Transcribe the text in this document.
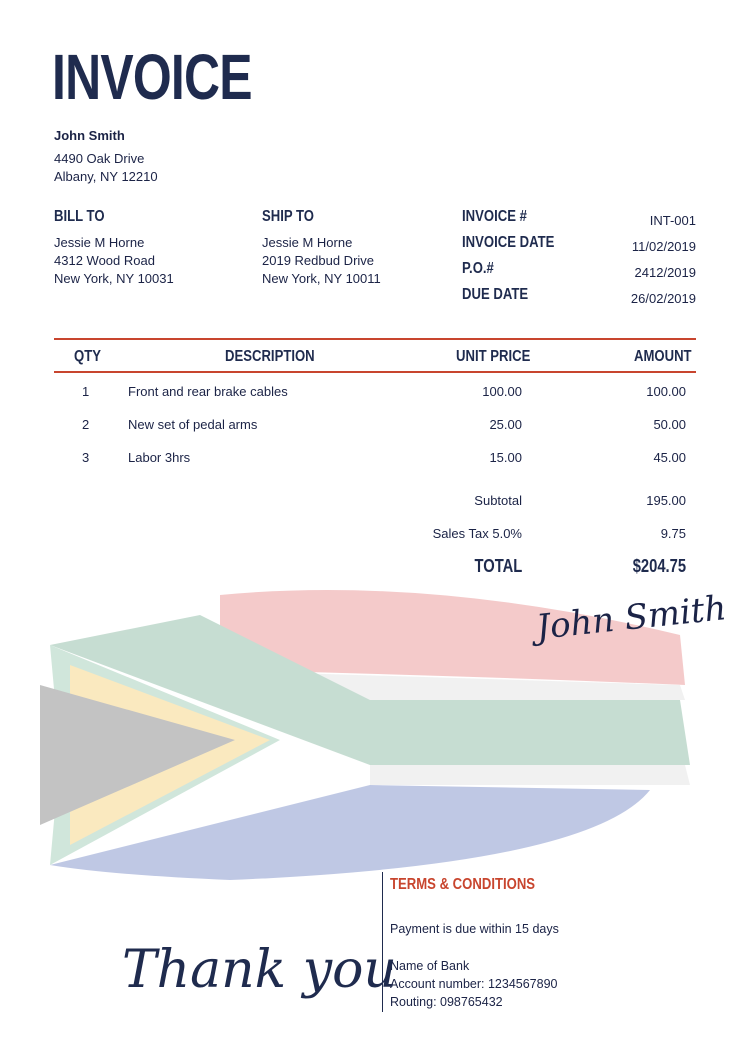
INVOICE
John Smith
4490 Oak Drive
Albany, NY 12210
BILL TO
Jessie M Horne
4312 Wood Road
New York, NY 10031
SHIP TO
Jessie M Horne
2019 Redbud Drive
New York, NY 10011
INVOICE #	INT-001
INVOICE DATE	11/02/2019
P.O.#	2412/2019
DUE DATE	26/02/2019
QTY	DESCRIPTION	UNIT PRICE	AMOUNT
1	Front and rear brake cables	100.00	100.00
2	New set of pedal arms	25.00	50.00
3	Labor 3hrs	15.00	45.00
Subtotal	195.00
Sales Tax 5.0%	9.75
TOTAL	$204.75
John Smith
TERMS & CONDITIONS
Payment is due within 15 days
Name of Bank
Account number: 1234567890
Routing: 098765432
Thank you
